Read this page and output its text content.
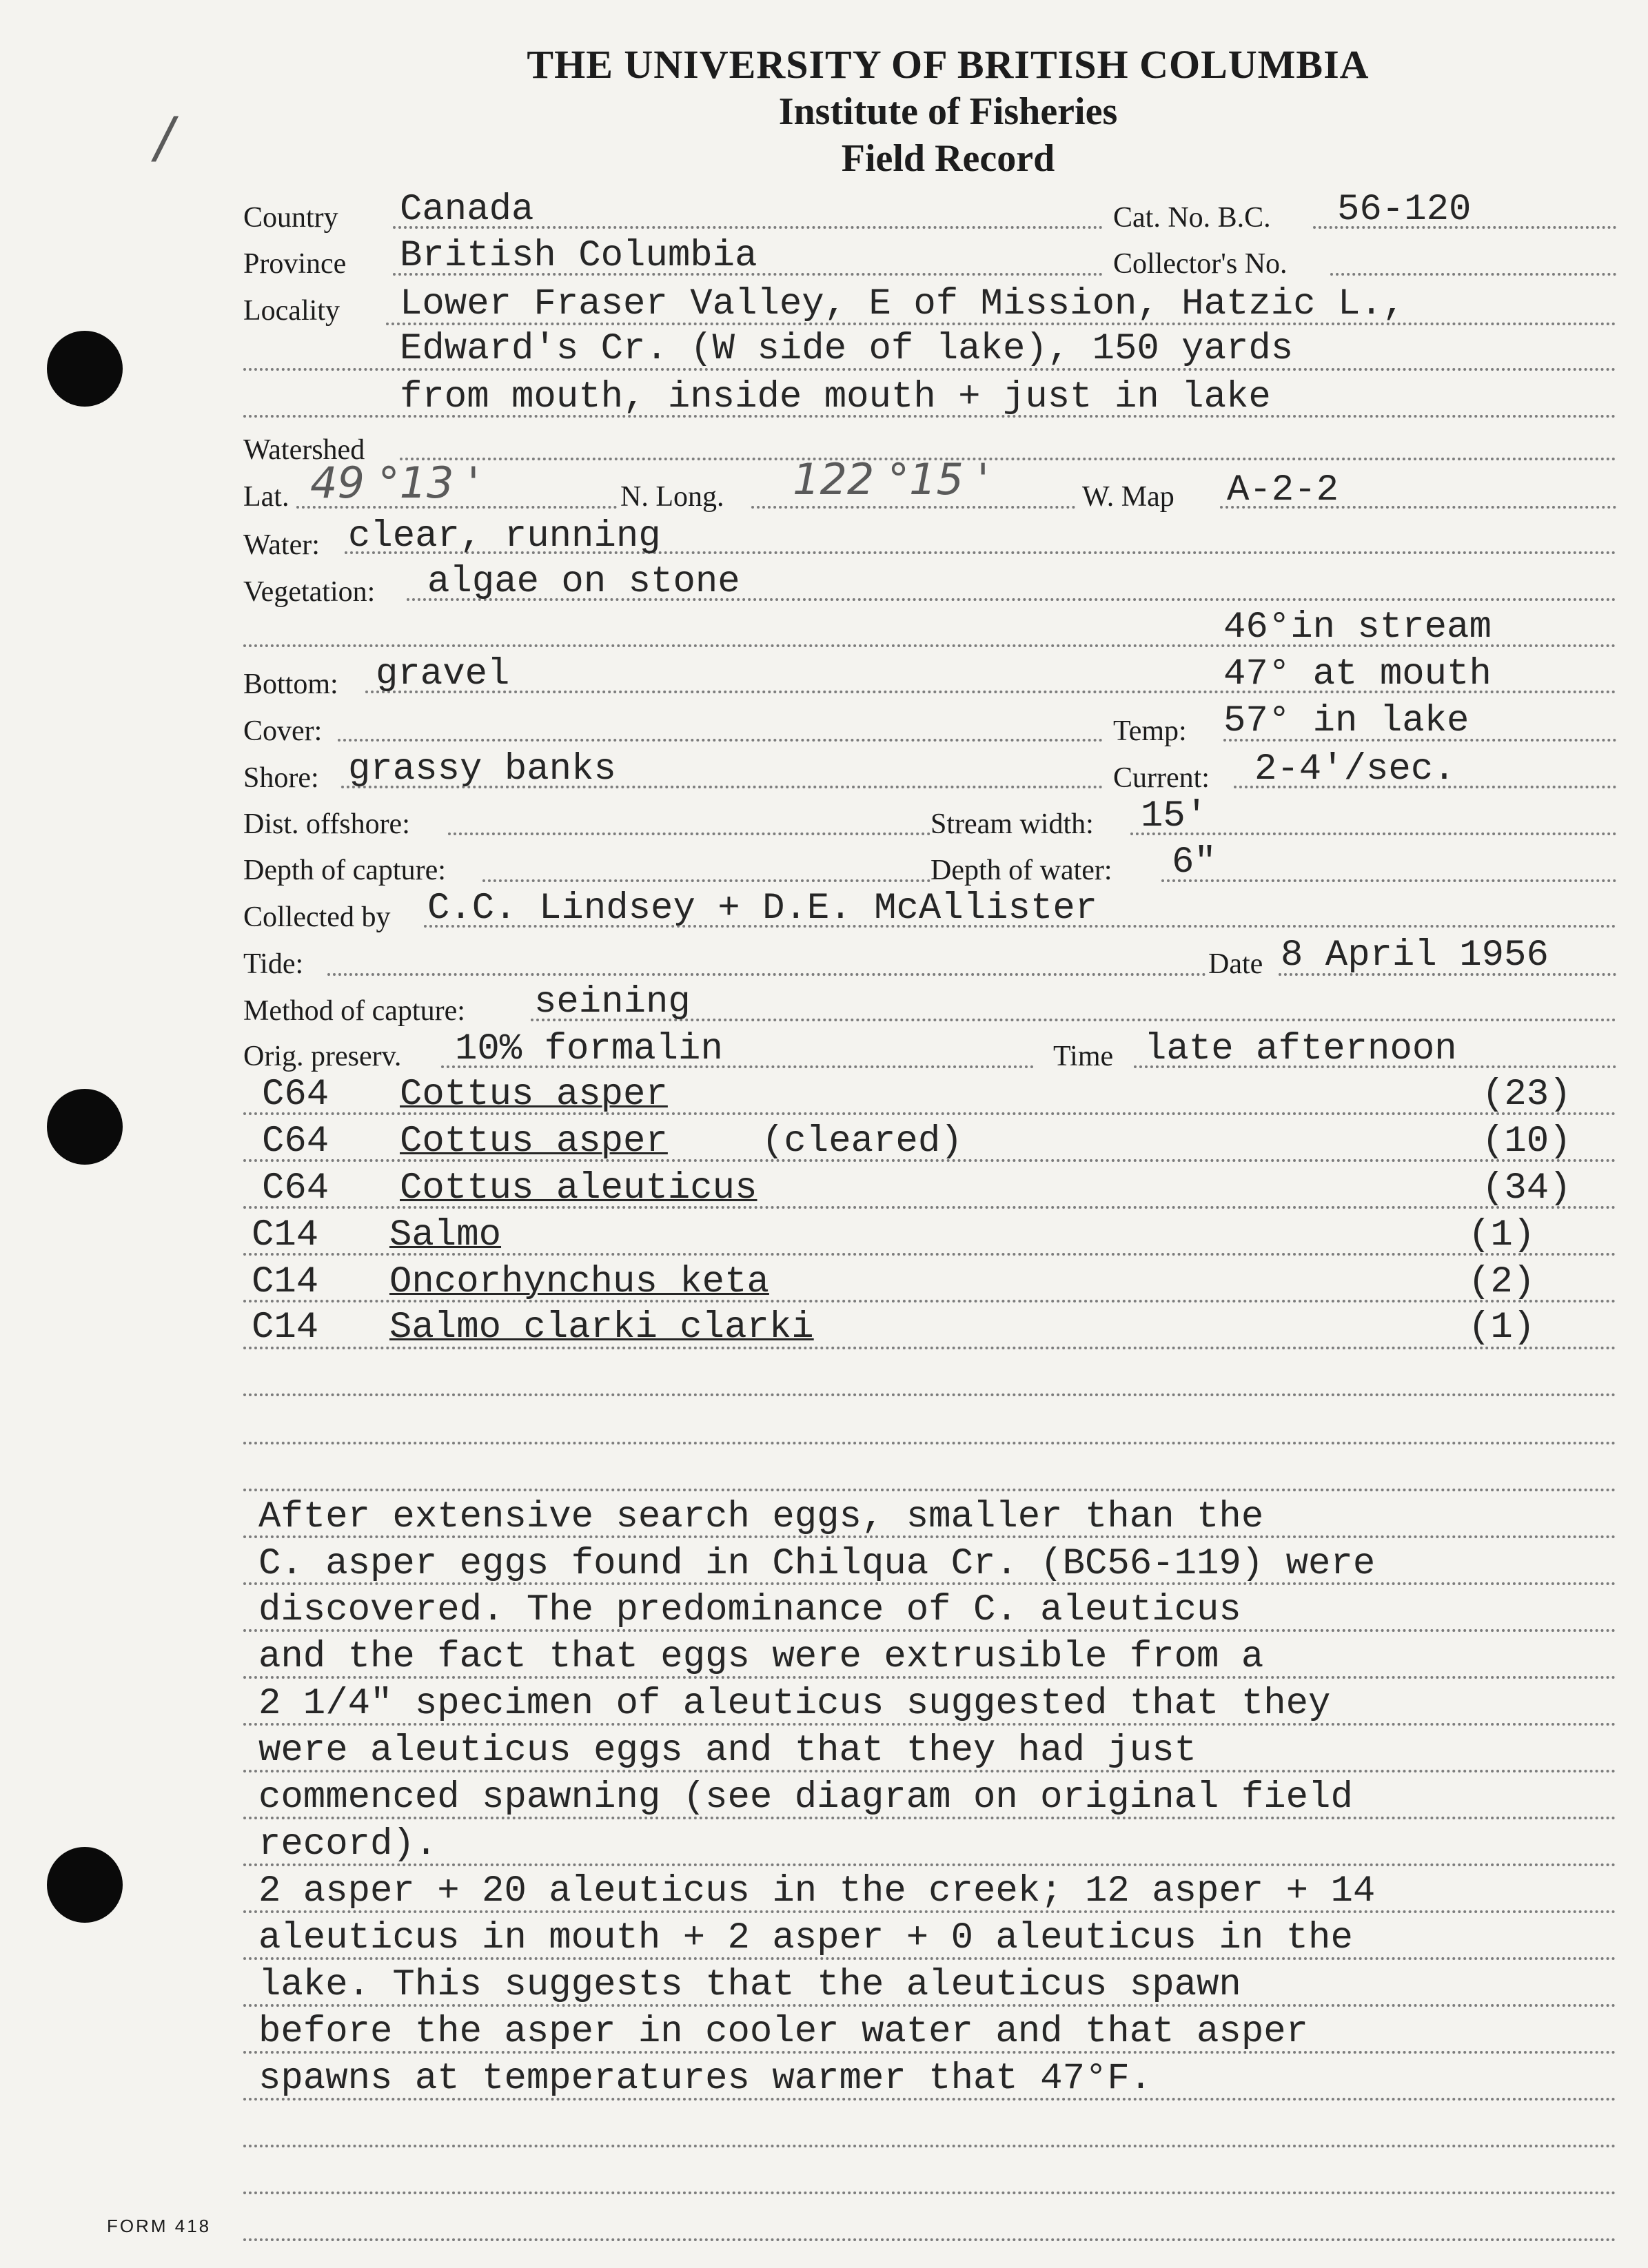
/
THE UNIVERSITY OF BRITISH COLUMBIA
Institute of Fisheries
Field Record
Country Canada	Cat. No. B.C. 56-120
Province British Columbia	Collector's No.
Locality Lower Fraser Valley, E of Mission, Hatzic L.,
Edward's Cr. (W side of lake), 150 yards
from mouth, inside mouth + just in lake
Watershed
Lat. 49 °13 '	N. Long. 122 °15 '	W. Map A-2-2
Water: clear, running
Vegetation: algae on stone
46°in stream
Bottom: gravel	47° at mouth
Cover:	Temp: 57° in lake
Shore: grassy banks	Current: 2-4'/sec.
Dist. offshore:	Stream width: 15'
Depth of capture:	Depth of water: 6"
Collected by C.C. Lindsey + D.E. McAllister
Tide:	Date 8 April 1956
Method of capture: seining
Orig. preserv. 10% formalin	Time late afternoon
C64 Cottus asper	(23)
C64 Cottus asper	(cleared)	(10)
C64 Cottus aleuticus	(34)
C14 Salmo	(1)
C14 Oncorhynchus keta	(2)
C14 Salmo clarki clarki	(1)
After extensive search eggs, smaller than the
C. asper eggs found in Chilqua Cr. (BC56-119) were
discovered. The predominance of C. aleuticus
and the fact that eggs were extrusible from a
2 1/4" specimen of aleuticus suggested that they
were aleuticus eggs and that they had just
commenced spawning (see diagram on original field
record).
2 asper + 20 aleuticus in the creek; 12 asper + 14
aleuticus in mouth + 2 asper + 0 aleuticus in the
lake. This suggests that the aleuticus spawn
before the asper in cooler water and that asper
spawns at temperatures warmer that 47°F.
FORM 418
